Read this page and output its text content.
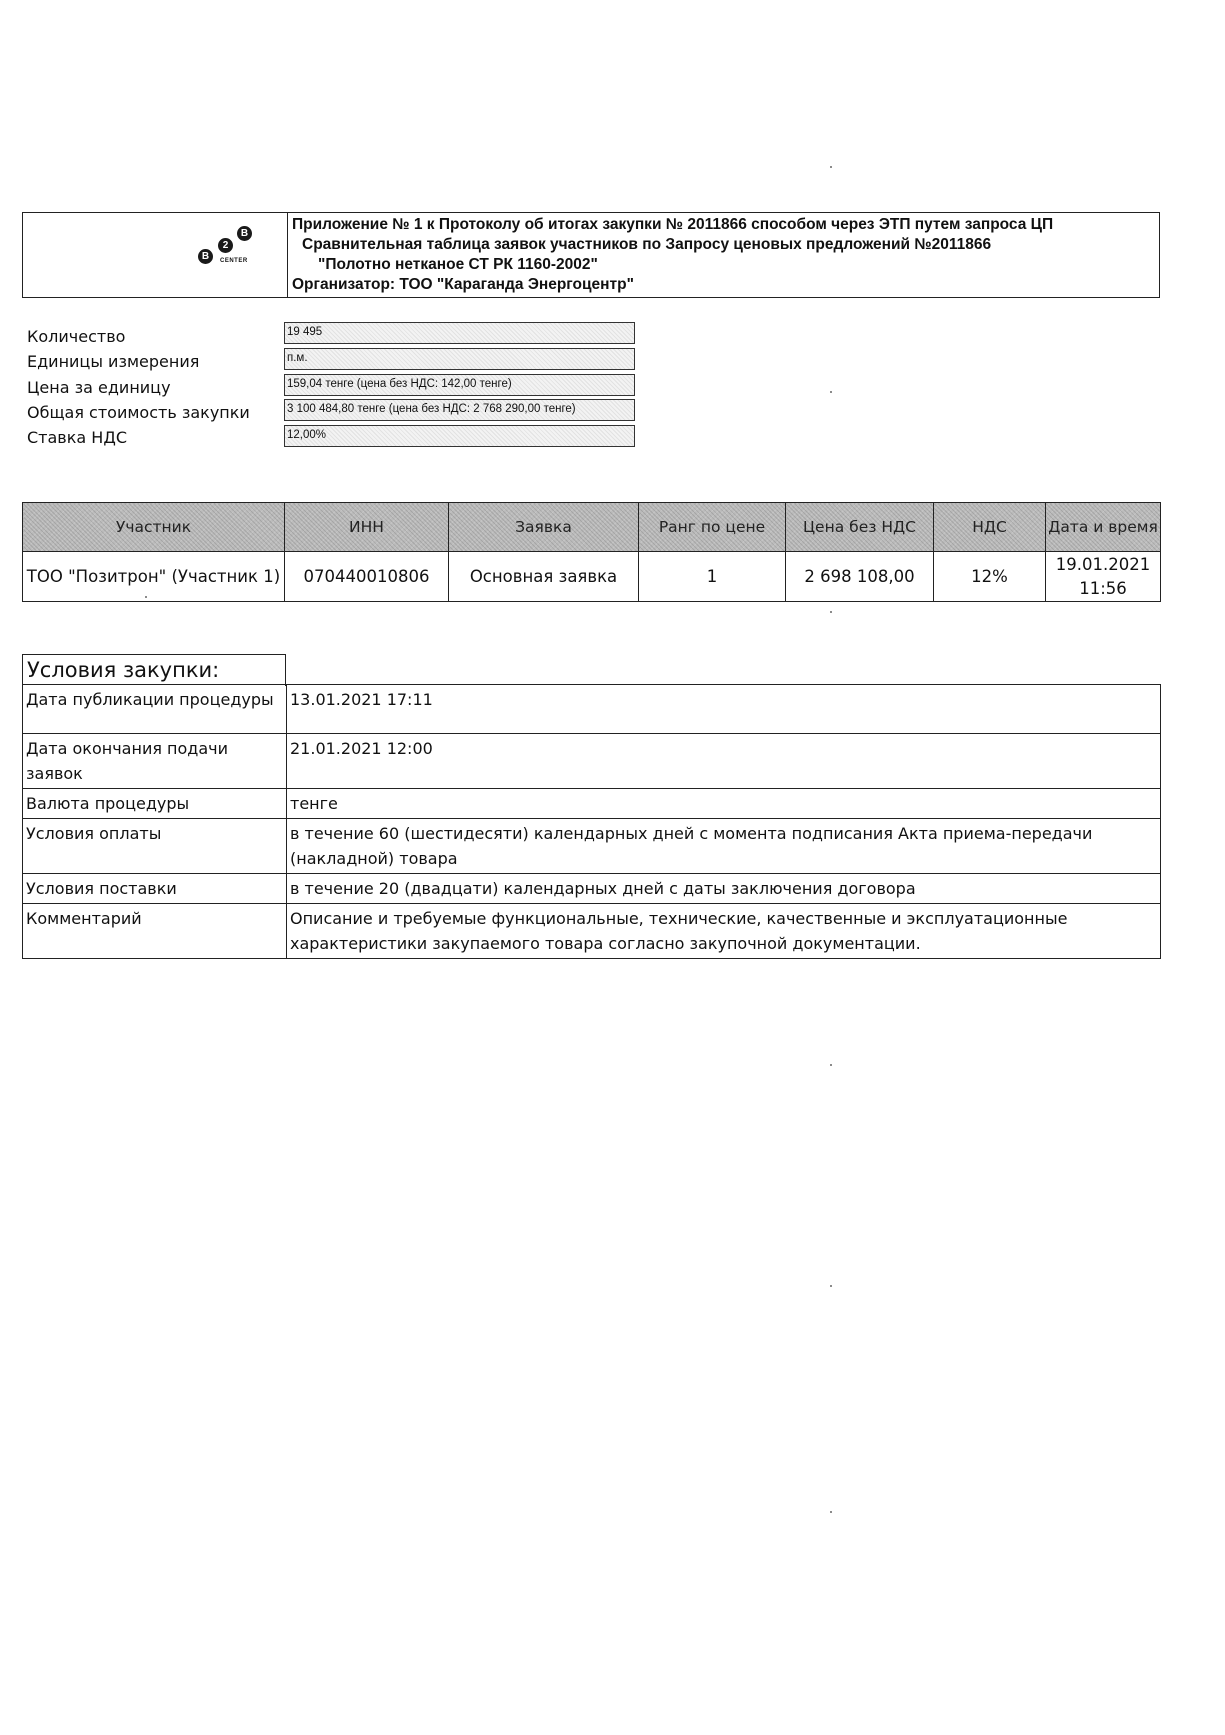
Приложение № 1 к Протоколу об итогах закупки № 2011866 способом через ЭТП путем запроса ЦП
Сравнительная таблица заявок участников по Запросу ценовых предложений №2011866
"Полотно нетканое СТ РК 1160-2002"
Организатор: ТОО "Караганда Энергоцентр"
B
2
B
CENTER
Количество	19 495
Единицы измерения	п.м.
Цена за единицу	159,04 тенге (цена без НДС: 142,00 тенге)
Общая стоимость закупки	3 100 484,80 тенге (цена без НДС: 2 768 290,00 тенге)
Ставка НДС	12,00%
Участник	ИНН	Заявка	Ранг по цене	Цена без НДС	НДС	Дата и время
ТОО "Позитрон" (Участник 1)	070440010806	Основная заявка	1	2 698 108,00	12%	19.01.2021
11:56
Условия закупки:
Дата публикации процедуры	13.01.2021 17:11
Дата окончания подачи заявок	21.01.2021 12:00
Валюта процедуры	тенге
Условия оплаты	в течение 60 (шестидесяти) календарных дней с момента подписания Акта приема-передачи (накладной) товара
Условия поставки	в течение 20 (двадцати) календарных дней с даты заключения договора
Комментарий	Описание и требуемые функциональные, технические, качественные и эксплуатационные характеристики закупаемого товара согласно закупочной документации.
